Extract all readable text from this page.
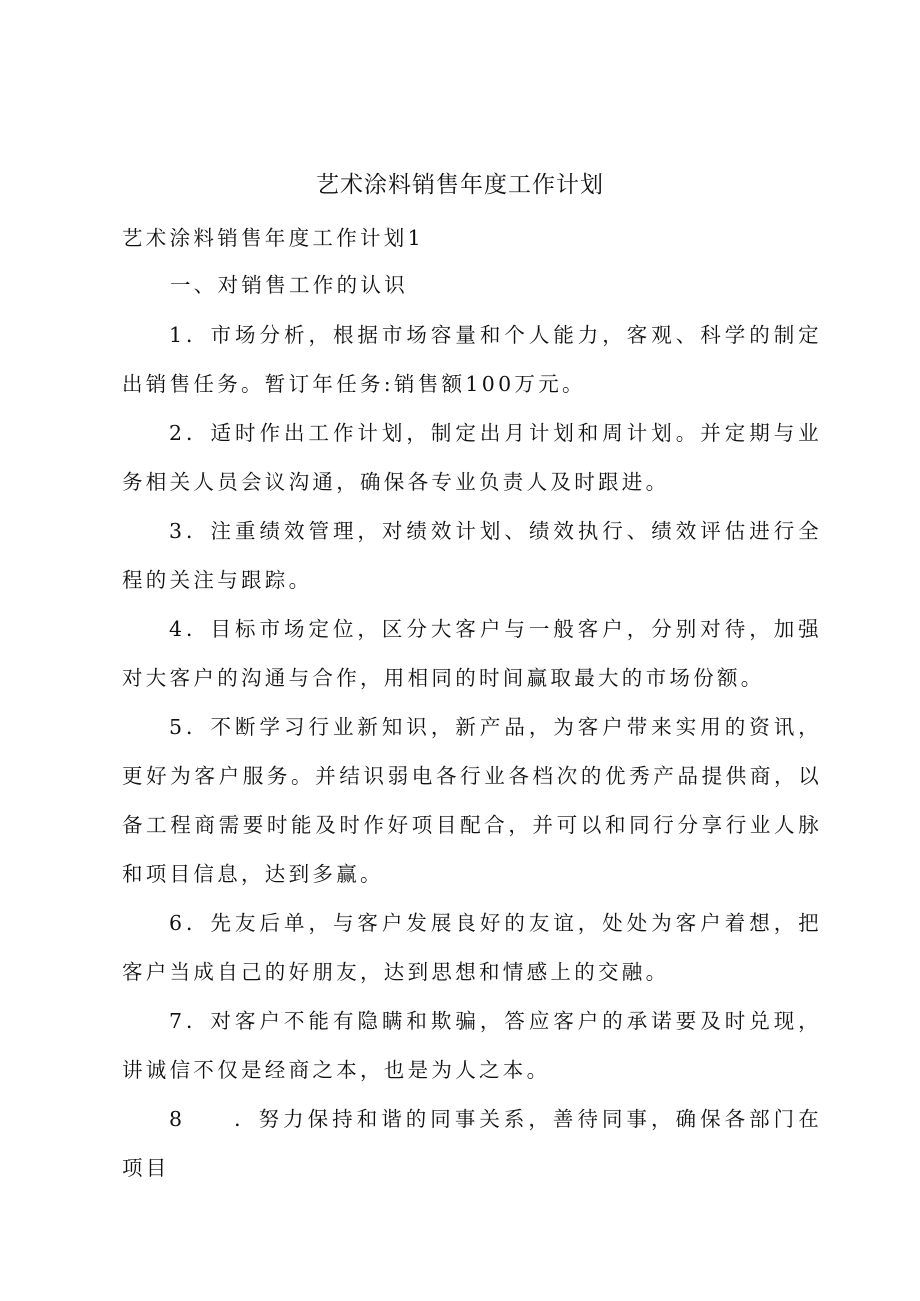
艺术涂料销售年度工作计划
艺术涂料销售年度工作计划1
一、对销售工作的认识
1．市场分析，根据市场容量和个人能力，客观、科学的制定出销售任务。暂订年任务:销售额100万元。
2．适时作出工作计划，制定出月计划和周计划。并定期与业务相关人员会议沟通，确保各专业负责人及时跟进。
3．注重绩效管理，对绩效计划、绩效执行、绩效评估进行全程的关注与跟踪。
4．目标市场定位，区分大客户与一般客户，分别对待，加强对大客户的沟通与合作，用相同的时间赢取最大的市场份额。
5．不断学习行业新知识，新产品，为客户带来实用的资讯，更好为客户服务。并结识弱电各行业各档次的优秀产品提供商，以备工程商需要时能及时作好项目配合，并可以和同行分享行业人脉和项目信息，达到多赢。
6．先友后单，与客户发展良好的友谊，处处为客户着想，把客户当成自己的好朋友，达到思想和情感上的交融。
7．对客户不能有隐瞒和欺骗，答应客户的承诺要及时兑现，讲诚信不仅是经商之本，也是为人之本。
8 ．努力保持和谐的同事关系，善待同事，确保各部门在项目
